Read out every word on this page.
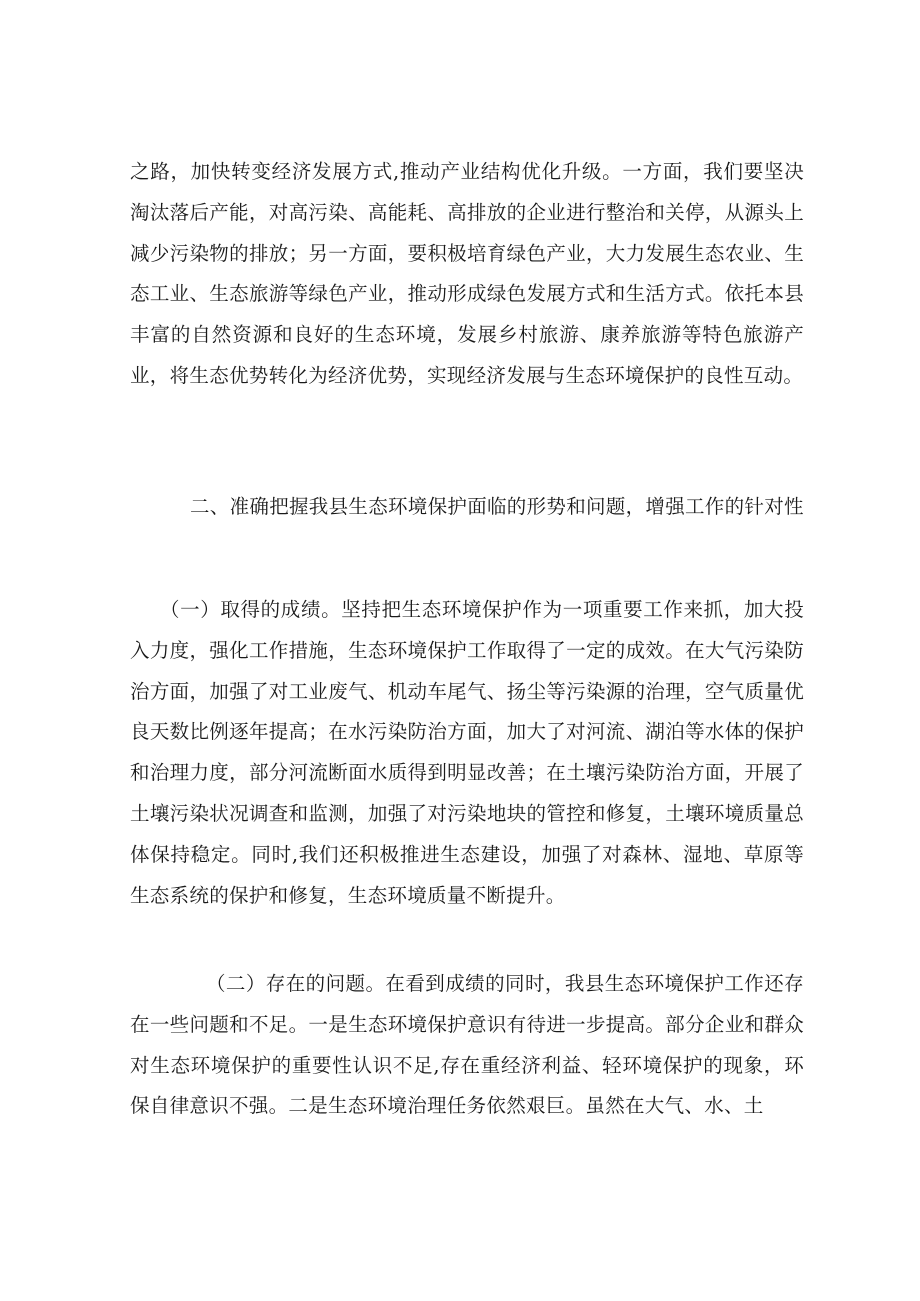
之路，加快转变经济发展方式,推动产业结构优化升级。一方面，我们要坚决淘汰落后产能，对高污染、高能耗、高排放的企业进行整治和关停，从源头上减少污染物的排放；另一方面，要积极培育绿色产业，大力发展生态农业、生态工业、生态旅游等绿色产业，推动形成绿色发展方式和生活方式。依托本县丰富的自然资源和良好的生态环境，发展乡村旅游、康养旅游等特色旅游产业，将生态优势转化为经济优势，实现经济发展与生态环境保护的良性互动。

二、准确把握我县生态环境保护面临的形势和问题，增强工作的针对性

（一）取得的成绩。坚持把生态环境保护作为一项重要工作来抓，加大投入力度，强化工作措施，生态环境保护工作取得了一定的成效。在大气污染防治方面，加强了对工业废气、机动车尾气、扬尘等污染源的治理，空气质量优良天数比例逐年提高；在水污染防治方面，加大了对河流、湖泊等水体的保护和治理力度，部分河流断面水质得到明显改善；在土壤污染防治方面，开展了土壤污染状况调查和监测，加强了对污染地块的管控和修复，土壤环境质量总体保持稳定。同时,我们还积极推进生态建设，加强了对森林、湿地、草原等生态系统的保护和修复，生态环境质量不断提升。

（二）存在的问题。在看到成绩的同时，我县生态环境保护工作还存在一些问题和不足。一是生态环境保护意识有待进一步提高。部分企业和群众对生态环境保护的重要性认识不足,存在重经济利益、轻环境保护的现象，环保自律意识不强。二是生态环境治理任务依然艰巨。虽然在大气、水、土
